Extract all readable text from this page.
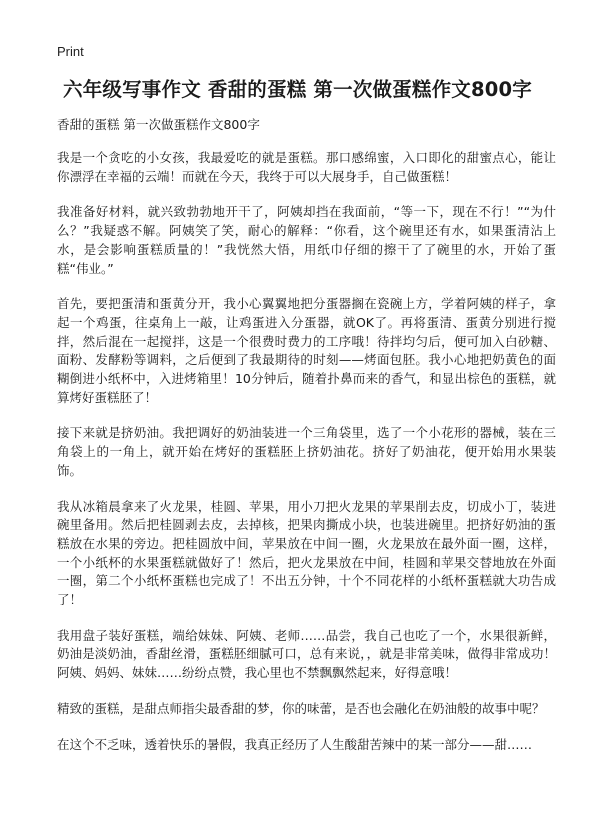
Print
六年级写事作文 香甜的蛋糕 第一次做蛋糕作文800字
香甜的蛋糕 第一次做蛋糕作文800字

我是一个贪吃的小女孩，我最爱吃的就是蛋糕。那口感绵蜜，入口即化的甜蜜点心，能让你漂浮在幸福的云端！而就在今天，我终于可以大展身手，自己做蛋糕！

我准备好材料，就兴致勃勃地开干了，阿姨却挡在我面前，“等一下，现在不行！”“为什么？”我疑惑不解。阿姨笑了笑，耐心的解释：“你看，这个碗里还有水，如果蛋清沾上水，是会影响蛋糕质量的！”我恍然大悟，用纸巾仔细的擦干了了碗里的水，开始了蛋糕“伟业。”

首先，要把蛋清和蛋黄分开，我小心翼翼地把分蛋器搁在瓷碗上方，学着阿姨的样子，拿起一个鸡蛋，往桌角上一敲，让鸡蛋进入分蛋器，就OK了。再将蛋清、蛋黄分别进行搅拌，然后混在一起搅拌，这是一个很费时费力的工序哦！待拌均匀后，便可加入白砂糖、面粉、发酵粉等调料，之后便到了我最期待的时刻——烤面包胚。我小心地把奶黄色的面糊倒进小纸杯中，入进烤箱里！10分钟后，随着扑鼻而来的香气，和显出棕色的蛋糕，就算烤好蛋糕胚了！

接下来就是挤奶油。我把调好的奶油装进一个三角袋里，选了一个小花形的器械，装在三角袋上的一角上，就开始在烤好的蛋糕胚上挤奶油花。挤好了奶油花，便开始用水果装饰。

我从冰箱晨拿来了火龙果，桂圆、苹果，用小刀把火龙果的苹果削去皮，切成小丁，装进碗里备用。然后把桂圆剥去皮，去掉核，把果肉撕成小块，也装进碗里。把挤好奶油的蛋糕放在水果的旁边。把桂圆放中间，苹果放在中间一圈，火龙果放在最外面一圈，这样，一个小纸杯的水果蛋糕就做好了！然后，把火龙果放在中间，桂圆和苹果交替地放在外面一圈，第二个小纸杯蛋糕也完成了！不出五分钟，十个不同花样的小纸杯蛋糕就大功告成了！

我用盘子装好蛋糕，端给妹妹、阿姨、老师……品尝，我自己也吃了一个，水果很新鲜，奶油是淡奶油，香甜丝滑，蛋糕胚细腻可口，总有来说，，就是非常美味，做得非常成功！阿姨、妈妈、妹妹……纷纷点赞，我心里也不禁飘飘然起来，好得意哦！

精致的蛋糕，是甜点师指尖最香甜的梦，你的味蕾，是否也会融化在奶油般的故事中呢？

在这个不乏味，透着快乐的暑假，我真正经历了人生酸甜苦辣中的某一部分——甜……
